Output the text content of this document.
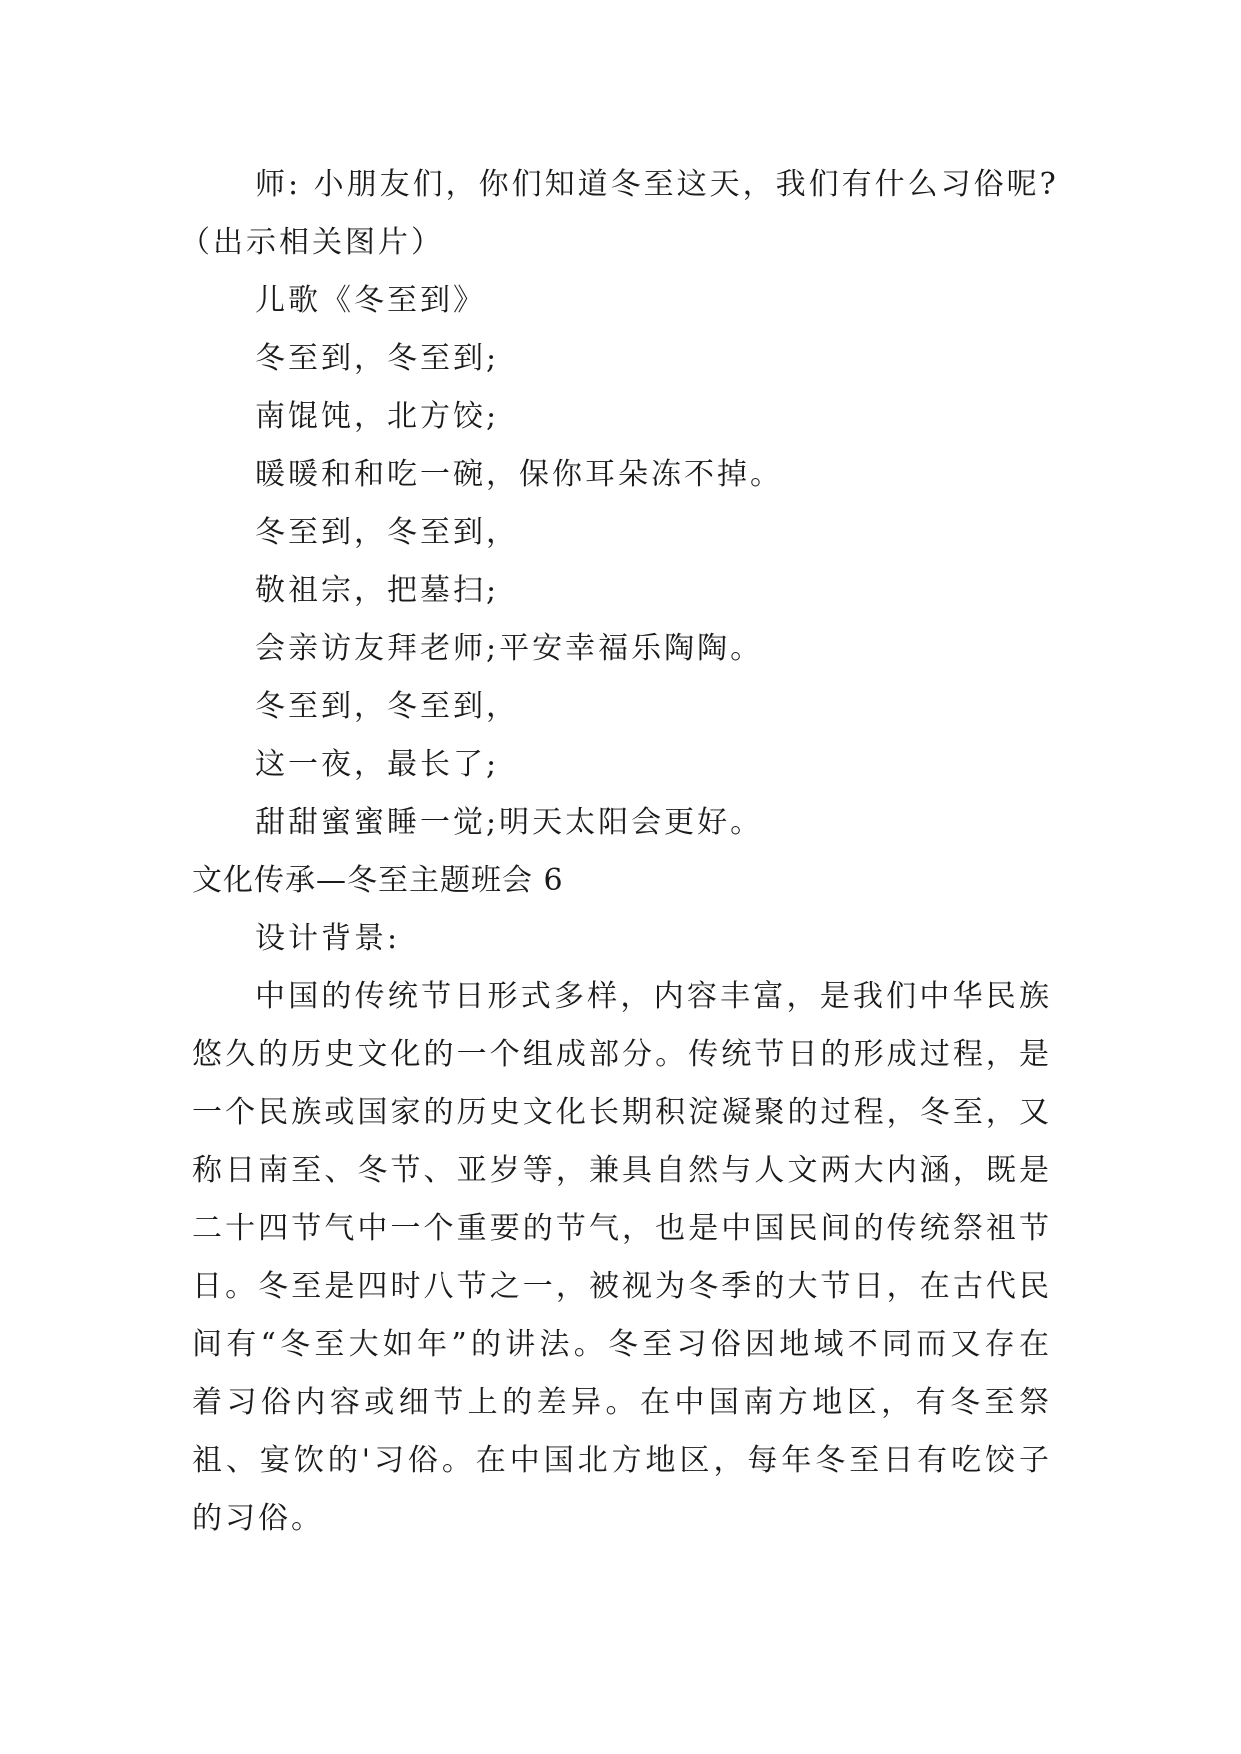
师: 小朋友们，你们知道冬至这天，我们有什么习俗呢?
（出示相关图片）
儿歌《冬至到》
冬至到，冬至到;
南馄饨，北方饺;
暖暖和和吃一碗，保你耳朵冻不掉。
冬至到，冬至到，
敬祖宗，把墓扫;
会亲访友拜老师;平安幸福乐陶陶。
冬至到，冬至到，
这一夜，最长了;
甜甜蜜蜜睡一觉;明天太阳会更好。
文化传承—冬至主题班会 6
设计背景:
中国的传统节日形式多样，内容丰富，是我们中华民族悠久的历史文化的一个组成部分。传统节日的形成过程，是一个民族或国家的历史文化长期积淀凝聚的过程，冬至，又称日南至、冬节、亚岁等，兼具自然与人文两大内涵，既是二十四节气中一个重要的节气，也是中国民间的传统祭祖节日。冬至是四时八节之一，被视为冬季的大节日，在古代民间有“冬至大如年”的讲法。冬至习俗因地域不同而又存在着习俗内容或细节上的差异。在中国南方地区，有冬至祭祖、宴饮的'习俗。在中国北方地区，每年冬至日有吃饺子的习俗。
